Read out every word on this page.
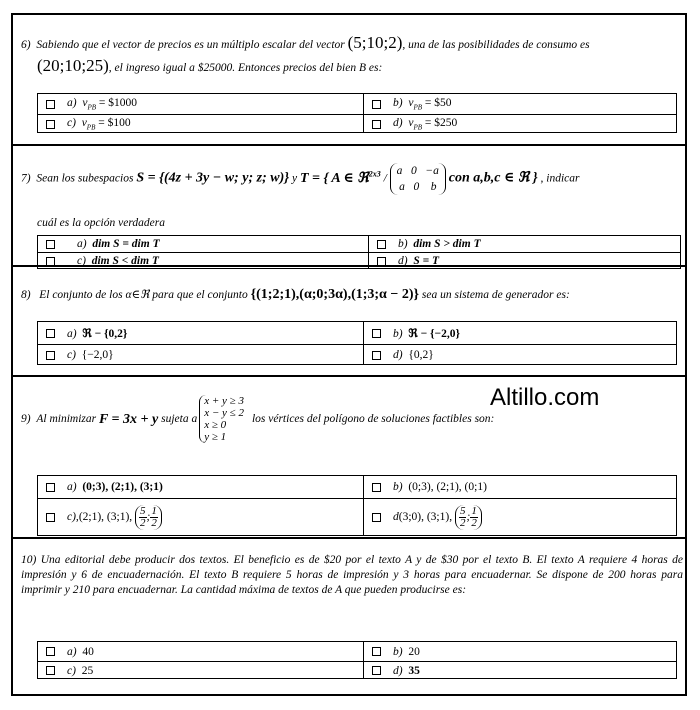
6) Sabiendo que el vector de precios es un múltiplo escalar del vector (5;10;2), una de las posibilidades de consumo es
(20;10;25), el ingreso igual a $25000. Entonces precios del bien B es:
a) $v_{PB}$ = $1000	b) $v_{PB}$ = $50
c) $v_{PB}$ = $100	d) $v_{PB}$ = $250
7) Sean los subespacios S = {(4z + 3y − w; y; z; w)} y T = { A ∈ ℜ$^{2x3}$ / a 0 −a
a 0 b con a,b,c ∈ ℜ } , indicar
cuál es la opción verdadera
a) dim S = dim T	b) dim S > dim T
c) dim S < dim T	d) S = T
8) El conjunto de los α∈ℜ para que el conjunto {(1;2;1),(α;0;3α),(1;3;α − 2)} sea un sistema de generador es:
a) ℜ − {0,2}	b) ℜ − {−2,0}
c) {−2,0}	d) {0,2}
9)
Al minimizar
F = 3x + y
sujeta a
x + y ≥ 3
x − y ≤ 2
x ≥ 0
y ≥ 1
los vértices del polígono de soluciones factibles son:
a) (0;3), (2;1), (3;1)	b) (0;3), (2;1), (0;1)
c),(2;1), (3;1), $\frac{5}{2}$ ; $\frac{1}{2}$	d(3;0), (3;1), $\frac{5}{2}$ ; $\frac{1}{2}$
10) Una editorial debe producir dos textos. El beneficio es de $20 por el texto A y de $30 por el texto B. El texto A requiere 4 horas de impresión y 6 de encuadernación. El texto B requiere 5 horas de impresión y 3 horas para encuadernar. Se dispone de 200 horas para imprimir y 210 para encuadernar. La cantidad máxima de textos de A que pueden producirse es:
a) 40	b) 20
c) 25	d) 35
Altillo.com
